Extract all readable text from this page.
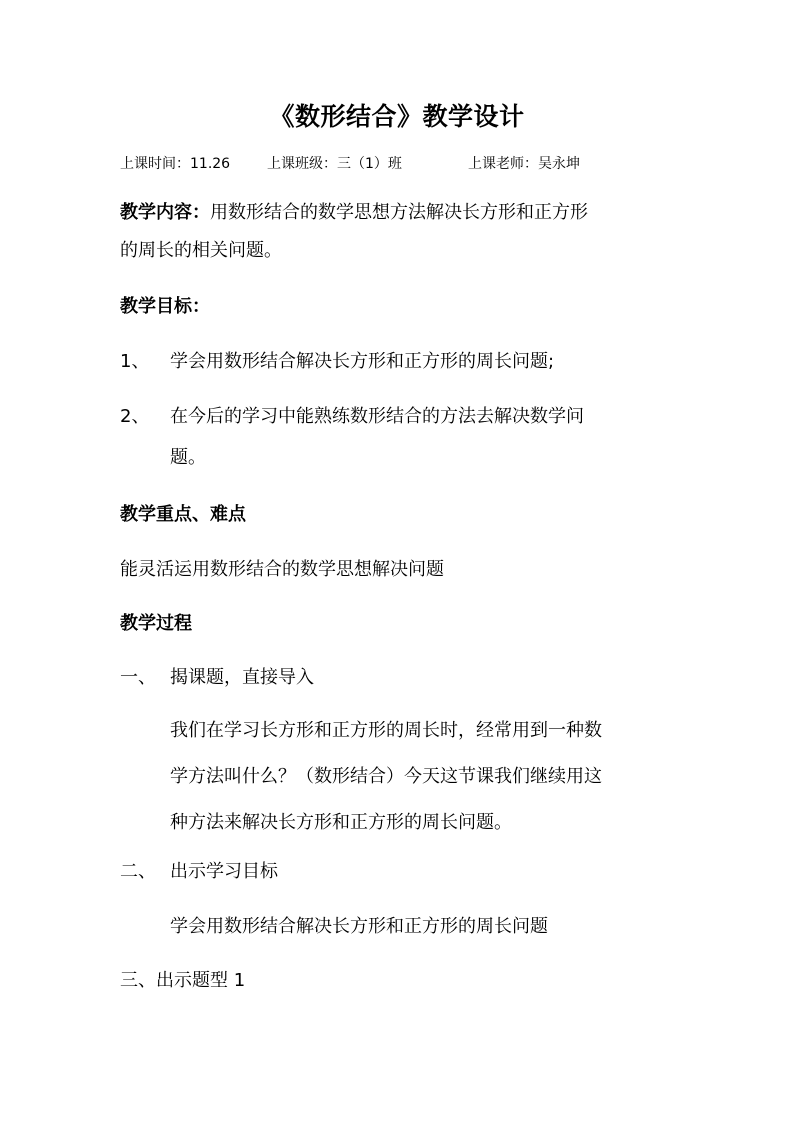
《数形结合》教学设计
上课时间：11.26	上课班级：三（1）班	上课老师：吴永坤
教学内容：用数形结合的数学思想方法解决长方形和正方形
的周长的相关问题。
教学目标：
1、 学会用数形结合解决长方形和正方形的周长问题;
2、 在今后的学习中能熟练数形结合的方法去解决数学问
题。
教学重点、难点
能灵活运用数形结合的数学思想解决问题
教学过程
一、 揭课题，直接导入

我们在学习长方形和正方形的周长时，经常用到一种数

学方法叫什么？（数形结合）今天这节课我们继续用这

种方法来解决长方形和正方形的周长问题。

二、 出示学习目标
学会用数形结合解决长方形和正方形的周长问题
三、出示题型 1
